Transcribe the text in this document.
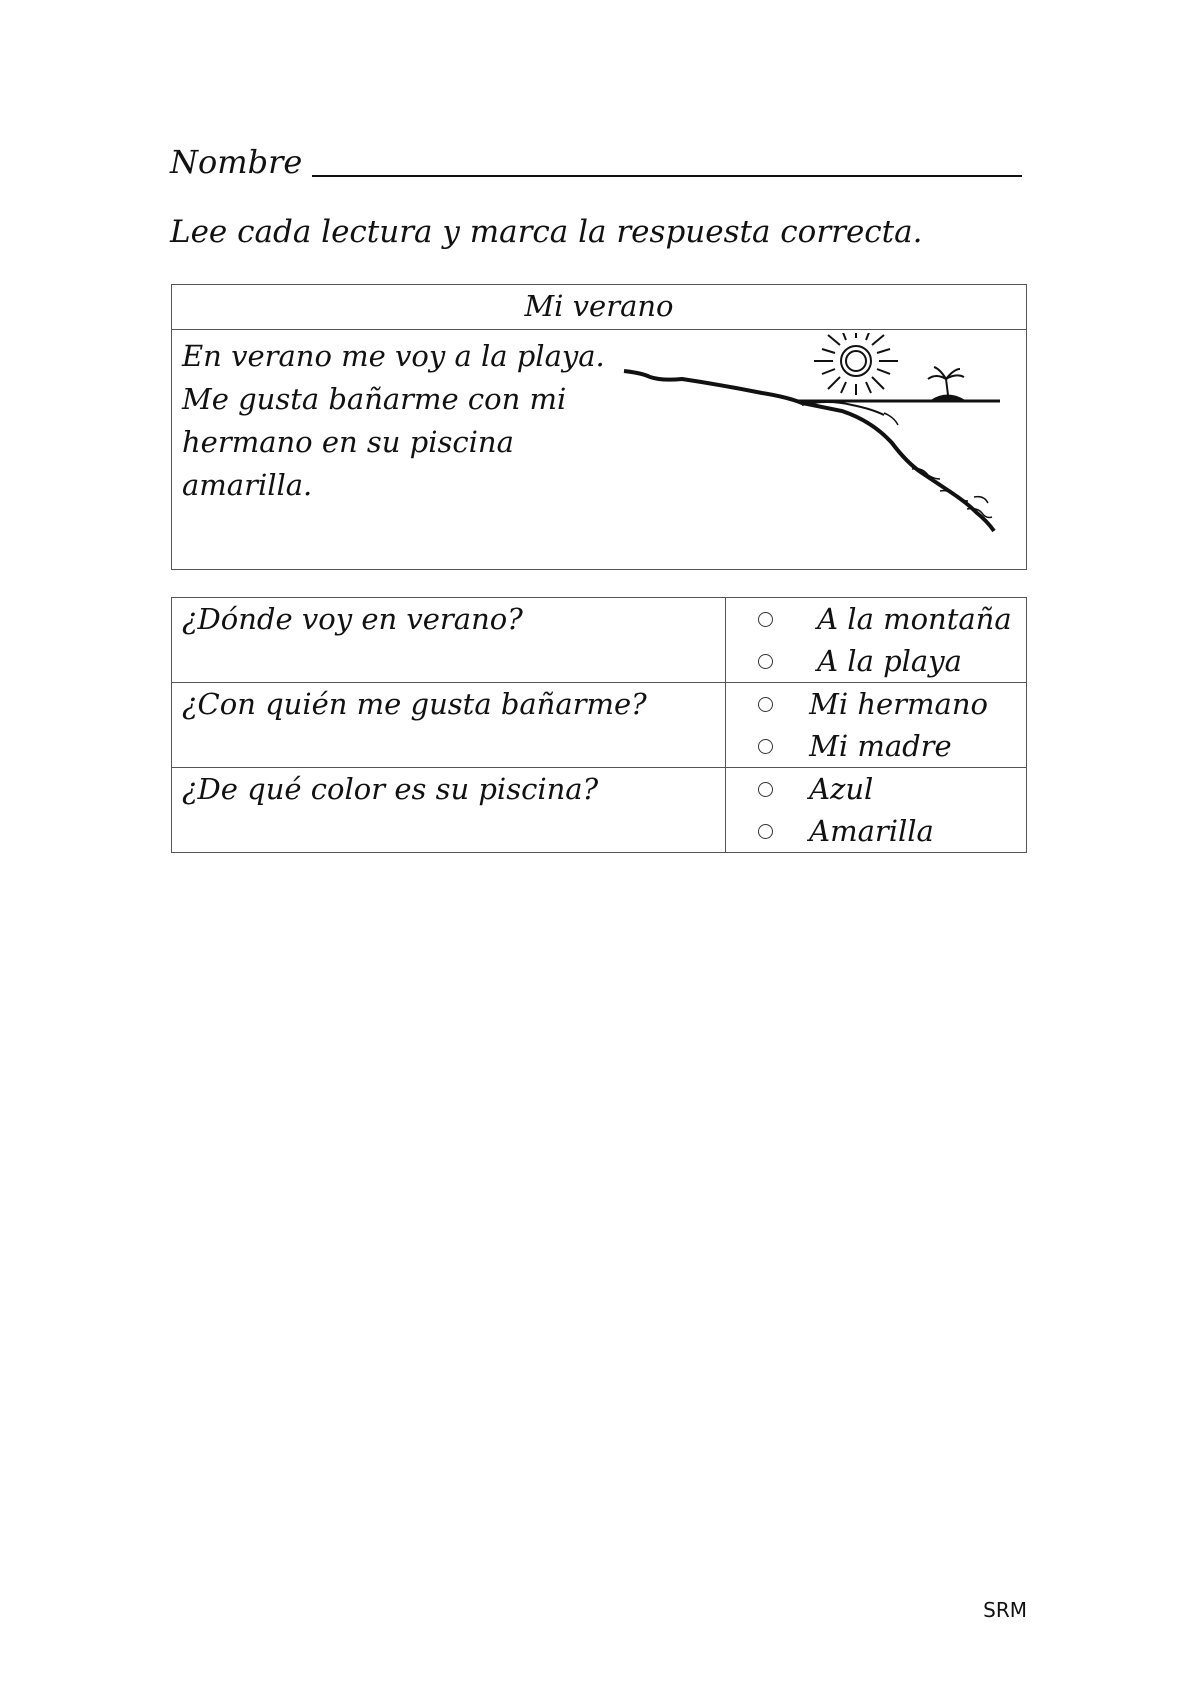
Nombre
Lee cada lectura y marca la respuesta correcta.
Mi verano
En verano me voy a la playa.
Me gusta bañarme con mi
hermano en su piscina
amarilla.
¿Dónde voy en verano?	A la montaña
A la playa

¿Con quién me gusta bañarme?	Mi hermano
Mi madre

¿De qué color es su piscina?	Azul
Amarilla
SRM
